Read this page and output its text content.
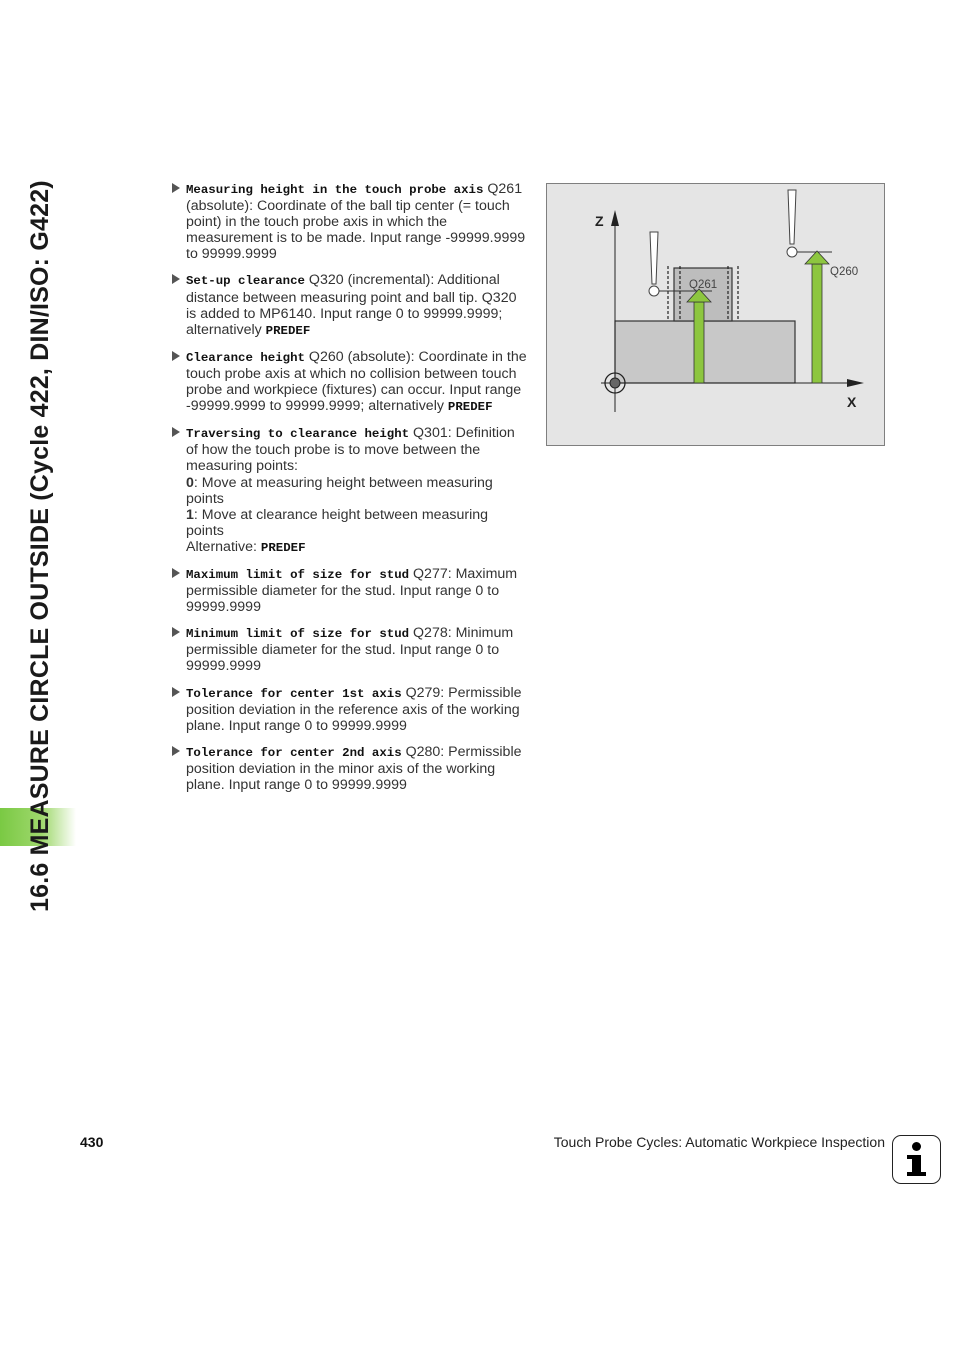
16.6 MEASURE CIRCLE OUTSIDE (Cycle 422, DIN/ISO: G422)	Measuring height in the touch probe axis Q261 (absolute): Coordinate of the ball tip center (= touch point) in the touch probe axis in which the measurement is to be made. Input range -99999.9999 to 99999.9999
Set-up clearance Q320 (incremental): Additional distance between measuring point and ball tip. Q320 is added to MP6140. Input range 0 to 99999.9999; alternatively PREDEF
Clearance height Q260 (absolute): Coordinate in the touch probe axis at which no collision between touch probe and workpiece (fixtures) can occur. Input range -99999.9999 to 99999.9999; alternatively PREDEF
Traversing to clearance height Q301: Definition of how the touch probe is to move between the measuring points:
0: Move at measuring height between measuring points
1: Move at clearance height between measuring points
Alternative: PREDEF
Maximum limit of size for stud Q277: Maximum permissible diameter for the stud. Input range 0 to 99999.9999
Minimum limit of size for stud Q278: Minimum permissible diameter for the stud. Input range 0 to 99999.9999
Tolerance for center 1st axis Q279: Permissible position deviation in the reference axis of the working plane. Input range 0 to 99999.9999
Tolerance for center 2nd axis Q280: Permissible position deviation in the minor axis of the working plane. Input range 0 to 99999.9999
Z
X
Q261
Q260
430	Touch Probe Cycles: Automatic Workpiece Inspection
